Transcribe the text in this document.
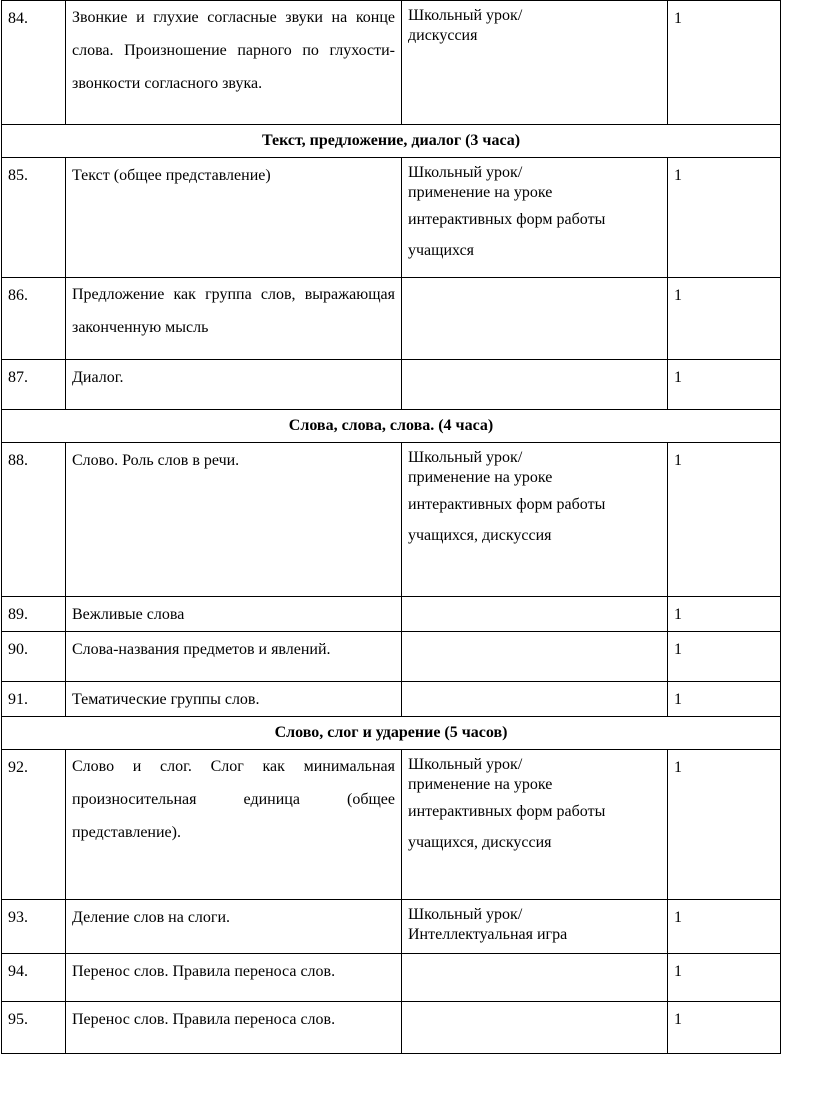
84.	Звонкие и глухие согласные звуки на конце слова. Произношение парного по глухости-звонкости согласного звука.	Школьный урок/
дискуссия	1

Текст, предложение, диалог (3 часа)			

85.	Текст (общее представление)	Школьный урок/
применение на уроке
интерактивных форм работы
учащихся	1

86.	Предложение как группа слов, выражающая законченную мысль		1

87.	Диалог.		1

Слова, слова, слова. (4 часа)			

88.	Слово. Роль слов в речи.	Школьный урок/
применение на уроке
интерактивных форм работы
учащихся, дискуссия	1

89.	Вежливые слова		1

90.	Слова-названия предметов и явлений.		1

91.	Тематические группы слов.		1

Слово, слог и ударение (5 часов)			

92.	Слово и слог. Слог как минимальная произносительная единица (общее представление).	Школьный урок/
применение на уроке
интерактивных форм работы
учащихся, дискуссия	1

93.	Деление слов на слоги.	Школьный урок/
Интеллектуальная игра	1

94.	Перенос слов. Правила переноса слов.		1

95.	Перенос слов. Правила переноса слов.		1
